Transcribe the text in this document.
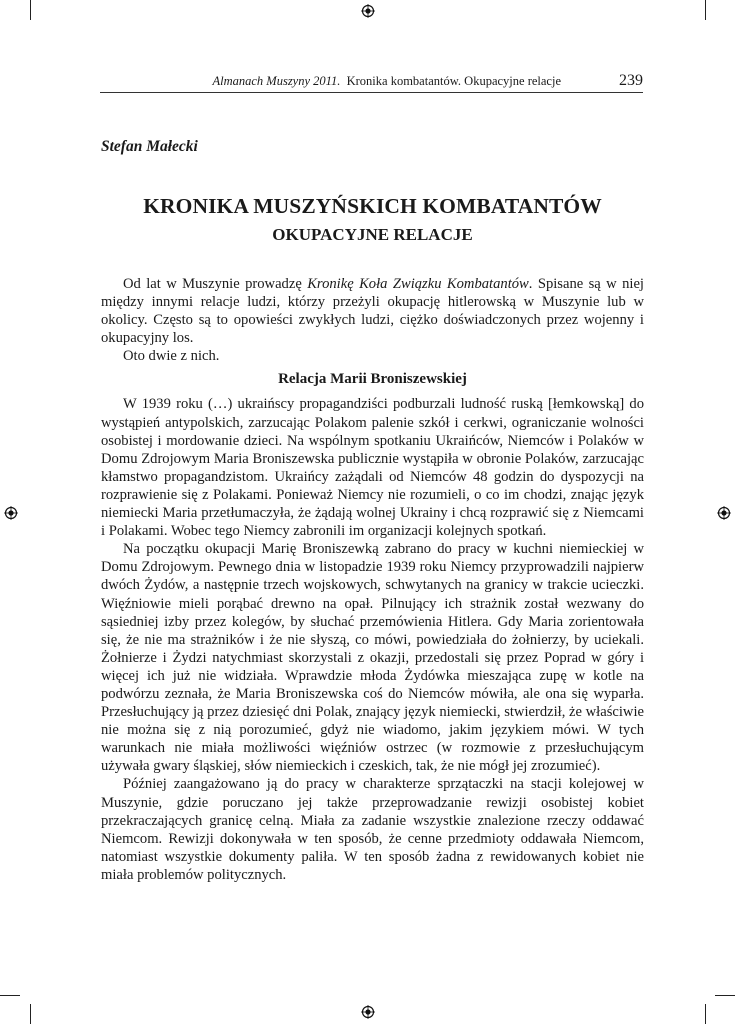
Almanach Muszyny 2011. Kronika kombatantów. Okupacyjne relacje	239
Stefan Małecki
KRONIKA MUSZYŃSKICH KOMBATANTÓW
OKUPACYJNE RELACJE

Od lat w Muszynie prowadzę Kronikę Koła Związku Kombatantów. Spisane są w niej między innymi relacje ludzi, którzy przeżyli okupację hitlerowską w Muszynie lub w okolicy. Często są to opowieści zwykłych ludzi, ciężko doświadczonych przez wojenny i okupacyjny los.

Oto dwie z nich.

Relacja Marii Broniszewskiej

W 1939 roku (…) ukraińscy propagandziści podburzali ludność ruską [łemkowską] do wystąpień antypolskich, zarzucając Polakom palenie szkół i cerkwi, ograniczanie wolności osobistej i mordowanie dzieci. Na wspólnym spotkaniu Ukraińców, Niemców i Polaków w Domu Zdrojowym Maria Broniszewska publicznie wystąpiła w obronie Polaków, zarzucając kłamstwo propagandzistom. Ukraińcy zażądali od Niemców 48 godzin do dyspozycji na rozprawienie się z Polakami. Ponieważ Niemcy nie rozumieli, o co im chodzi, znając język niemiecki Maria przetłumaczyła, że żądają wolnej Ukrainy i chcą rozprawić się z Niemcami i Polakami. Wobec tego Niemcy zabronili im organizacji kolejnych spotkań.

Na początku okupacji Marię Broniszewką zabrano do pracy w kuchni niemieckiej w Domu Zdrojowym. Pewnego dnia w listopadzie 1939 roku Niemcy przyprowadzili najpierw dwóch Żydów, a następnie trzech wojskowych, schwytanych na granicy w trakcie ucieczki. Więźniowie mieli porąbać drewno na opał. Pilnujący ich strażnik został wezwany do sąsiedniej izby przez kolegów, by słuchać przemówienia Hitlera. Gdy Maria zorientowała się, że nie ma strażników i że nie słyszą, co mówi, powiedziała do żołnierzy, by uciekali. Żołnierze i Żydzi natychmiast skorzystali z okazji, przedostali się przez Poprad w góry i więcej ich już nie widziała. Wprawdzie młoda Żydówka mieszająca zupę w kotle na podwórzu zeznała, że Maria Broniszewska coś do Niemców mówiła, ale ona się wyparła. Przesłuchujący ją przez dziesięć dni Polak, znający język niemiecki, stwierdził, że właściwie nie można się z nią porozumieć, gdyż nie wiadomo, jakim językiem mówi. W tych warunkach nie miała możliwości więźniów ostrzec (w rozmowie z przesłuchującym używała gwary śląskiej, słów niemieckich i czeskich, tak, że nie mógł jej zrozumieć).

Później zaangażowano ją do pracy w charakterze sprzątaczki na stacji kolejowej w Muszynie, gdzie poruczano jej także przeprowadzanie rewizji osobistej kobiet przekraczających granicę celną. Miała za zadanie wszystkie znalezione rzeczy oddawać Niemcom. Rewizji dokonywała w ten sposób, że cenne przedmioty oddawała Niemcom, natomiast wszystkie dokumenty paliła. W ten sposób żadna z rewidowanych kobiet nie miała problemów politycznych.
